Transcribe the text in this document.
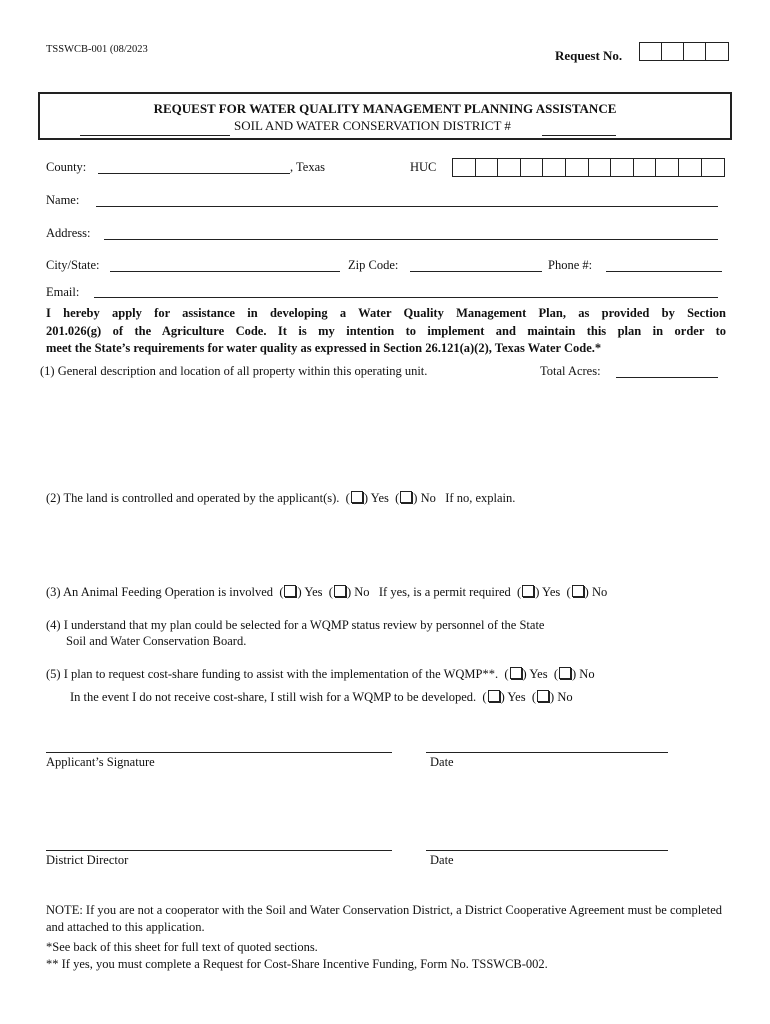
TSSWCB-001 (08/2023	Request No.
REQUEST FOR WATER QUALITY MANAGEMENT PLANNING ASSISTANCE
SOIL AND WATER CONSERVATION DISTRICT #
County:	, Texas	HUC
Name:
Address:
City/State:	Zip Code:	Phone #:
Email:
I hereby apply for assistance in developing a Water Quality Management Plan, as provided by Section
201.026(g) of the Agriculture Code. It is my intention to implement and maintain this plan in order to
meet the State’s requirements for water quality as expressed in Section 26.121(a)(2), Texas Water Code.*
(1) General description and location of all property within this operating unit.	Total Acres:
(2) The land is controlled and operated by the applicant(s).  ( ) Yes  ( ) No If no, explain.
(3) An Animal Feeding Operation is involved  ( ) Yes  ( ) No If yes, is a permit required  ( ) Yes  ( ) No
(4) I understand that my plan could be selected for a WQMP status review by personnel of the State
Soil and Water Conservation Board.
(5) I plan to request cost-share funding to assist with the implementation of the WQMP**.  ( ) Yes  ( ) No
In the event I do not receive cost-share, I still wish for a WQMP to be developed.  ( ) Yes  ( ) No
Applicant’s Signature	Date
District Director	Date
NOTE: If you are not a cooperator with the Soil and Water Conservation District, a District Cooperative Agreement must be completed and attached to this application.
*See back of this sheet for full text of quoted sections.
** If yes, you must complete a Request for Cost-Share Incentive Funding, Form No. TSSWCB-002.
